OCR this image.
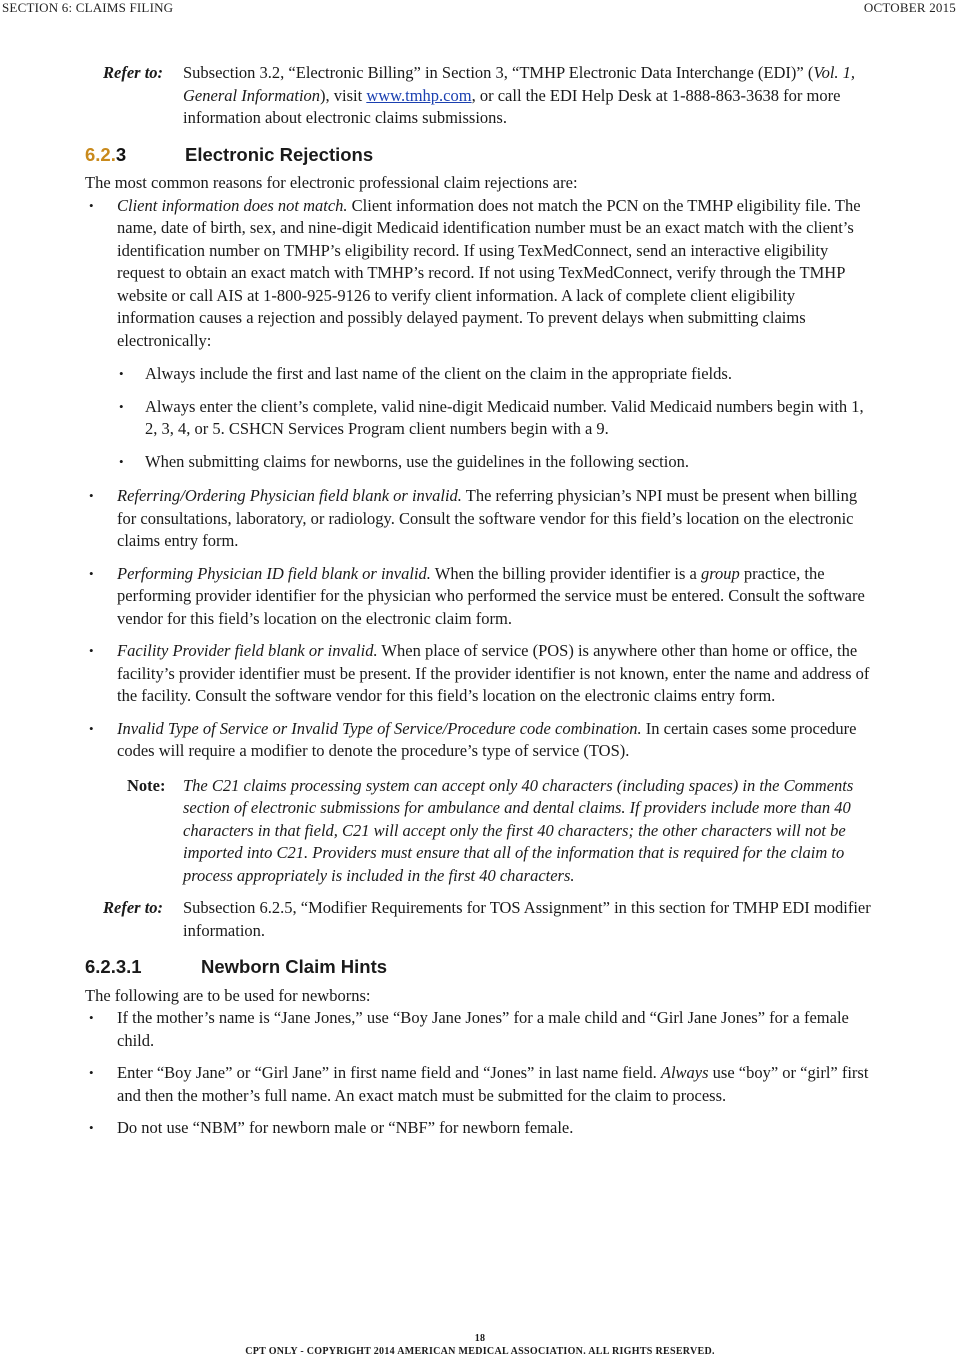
SECTION 6: CLAIMS FILING	OCTOBER 2015
Refer to:	Subsection 3.2, “Electronic Billing” in Section 3, “TMHP Electronic Data Interchange (EDI)” (Vol. 1, General Information), visit www.tmhp.com, or call the EDI Help Desk at 1-888-863-3638 for more information about electronic claims submissions.
6.2.3	Electronic Rejections

The most common reasons for electronic professional claim rejections are:

• Client information does not match. Client information does not match the PCN on the TMHP eligibility file. The name, date of birth, sex, and nine-digit Medicaid identification number must be an exact match with the client’s identification number on TMHP’s eligibility record. If using TexMedConnect, send an interactive eligibility request to obtain an exact match with TMHP’s record. If not using TexMedConnect, verify through the TMHP website or call AIS at 1-800-925-9126 to verify client information. A lack of complete client eligibility information causes a rejection and possibly delayed payment. To prevent delays when submitting claims electronically:
• Always include the first and last name of the client on the claim in the appropriate fields.
• Always enter the client’s complete, valid nine-digit Medicaid number. Valid Medicaid numbers begin with 1, 2, 3, 4, or 5. CSHCN Services Program client numbers begin with a 9.
• When submitting claims for newborns, use the guidelines in the following section.
• Referring/Ordering Physician field blank or invalid. The referring physician’s NPI must be present when billing for consultations, laboratory, or radiology. Consult the software vendor for this field’s location on the electronic claims entry form.
• Performing Physician ID field blank or invalid. When the billing provider identifier is a group practice, the performing provider identifier for the physician who performed the service must be entered. Consult the software vendor for this field’s location on the electronic claim form.
• Facility Provider field blank or invalid. When place of service (POS) is anywhere other than home or office, the facility’s provider identifier must be present. If the provider identifier is not known, enter the name and address of the facility. Consult the software vendor for this field’s location on the electronic claims entry form.
• Invalid Type of Service or Invalid Type of Service/Procedure code combination. In certain cases some procedure codes will require a modifier to denote the procedure’s type of service (TOS).
Note:	The C21 claims processing system can accept only 40 characters (including spaces) in the Comments section of electronic submissions for ambulance and dental claims. If providers include more than 40 characters in that field, C21 will accept only the first 40 characters; the other characters will not be imported into C21. Providers must ensure that all of the information that is required for the claim to process appropriately is included in the first 40 characters.
Refer to:	Subsection 6.2.5, “Modifier Requirements for TOS Assignment” in this section for TMHP EDI modifier information.
6.2.3.1	Newborn Claim Hints

The following are to be used for newborns:

• If the mother’s name is “Jane Jones,” use “Boy Jane Jones” for a male child and “Girl Jane Jones” for a female child.
• Enter “Boy Jane” or “Girl Jane” in first name field and “Jones” in last name field. Always use “boy” or “girl” first and then the mother’s full name. An exact match must be submitted for the claim to process.
• Do not use “NBM” for newborn male or “NBF” for newborn female.
18
CPT ONLY - COPYRIGHT 2014 AMERICAN MEDICAL ASSOCIATION. ALL RIGHTS RESERVED.
